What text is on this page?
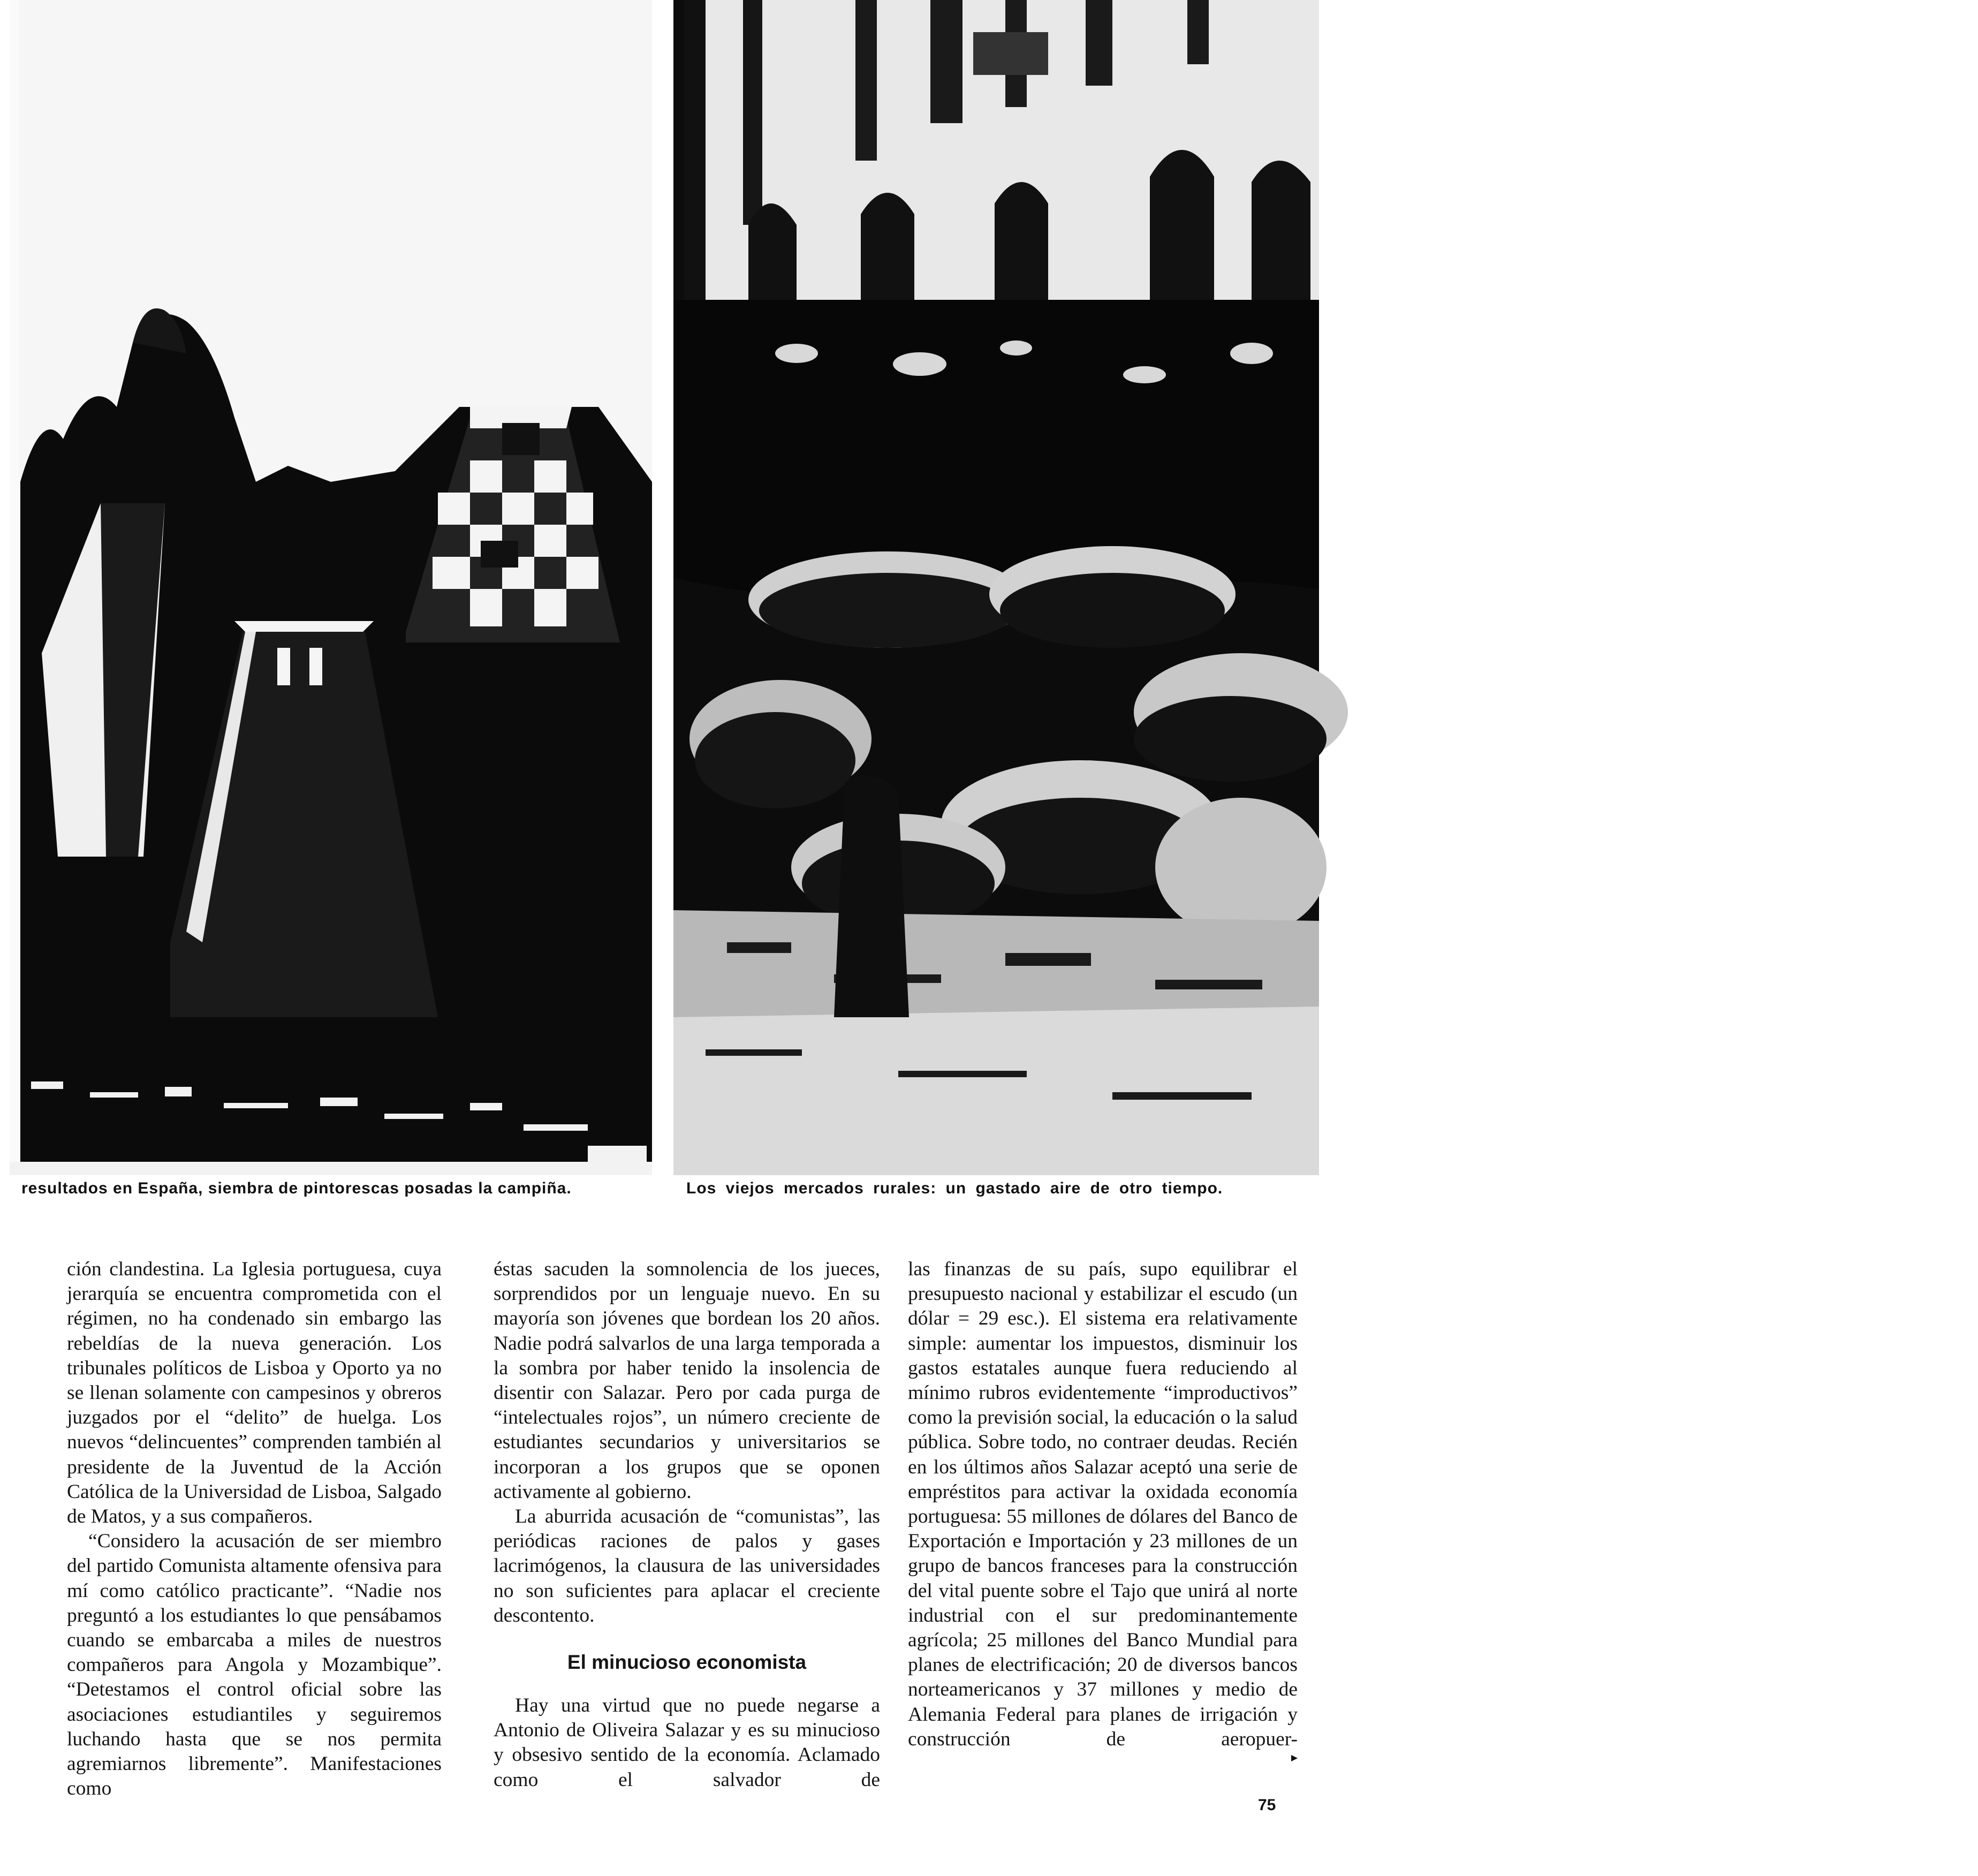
6
resultados en España, siembra de pintorescas posadas la campiña.	Los viejos mercados rurales: un gastado aire de otro tiempo.

ción clandestina. La Iglesia portuguesa, cuya jerarquía se encuentra comprometida con el régimen, no ha condenado sin embargo las rebeldías de la nueva generación. Los tribunales políticos de Lisboa y Oporto ya no se llenan solamente con campesinos y obreros juzgados por el “delito” de huelga. Los nuevos “delincuentes” comprenden también al presidente de la Juventud de la Acción Católica de la Universidad de Lisboa, Salgado de Matos, y a sus compañeros.

“Considero la acusación de ser miembro del partido Comunista altamente ofensiva para mí como católico practicante”. “Nadie nos preguntó a los estudiantes lo que pensábamos cuando se embarcaba a miles de nuestros compañeros para Angola y Mozambique”. “Detestamos el control oficial sobre las asociaciones estudiantiles y seguiremos luchando hasta que se nos permita agremiarnos libremente”. Manifestaciones como

éstas sacuden la somnolencia de los jueces, sorprendidos por un lenguaje nuevo. En su mayoría son jóvenes que bordean los 20 años. Nadie podrá salvarlos de una larga temporada a la sombra por haber tenido la insolencia de disentir con Salazar. Pero por cada purga de “intelectuales rojos”, un número creciente de estudiantes secundarios y universitarios se incorporan a los grupos que se oponen activamente al gobierno.

La aburrida acusación de “comunistas”, las periódicas raciones de palos y gases lacrimógenos, la clausura de las universidades no son suficientes para aplacar el creciente descontento.

El minucioso economista

Hay una virtud que no puede negarse a Antonio de Oliveira Salazar y es su minucioso y obsesivo sentido de la economía. Aclamado como el salvador de

las finanzas de su país, supo equilibrar el presupuesto nacional y estabilizar el escudo (un dólar = 29 esc.). El sistema era relativamente simple: aumentar los impuestos, disminuir los gastos estatales aunque fuera reduciendo al mínimo rubros evidentemente “improductivos” como la previsión social, la educación o la salud pública. Sobre todo, no contraer deudas. Recién en los últimos años Salazar aceptó una serie de empréstitos para activar la oxidada economía portuguesa: 55 millones de dólares del Banco de Exportación e Importación y 23 millones de un grupo de bancos franceses para la construcción del vital puente sobre el Tajo que unirá al norte industrial con el sur predominantemente agrícola; 25 millones del Banco Mundial para planes de electrificación; 20 de diversos bancos norteamericanos y 37 millones y medio de Alemania Federal para planes de irrigación y construcción de aeropuer-

75
